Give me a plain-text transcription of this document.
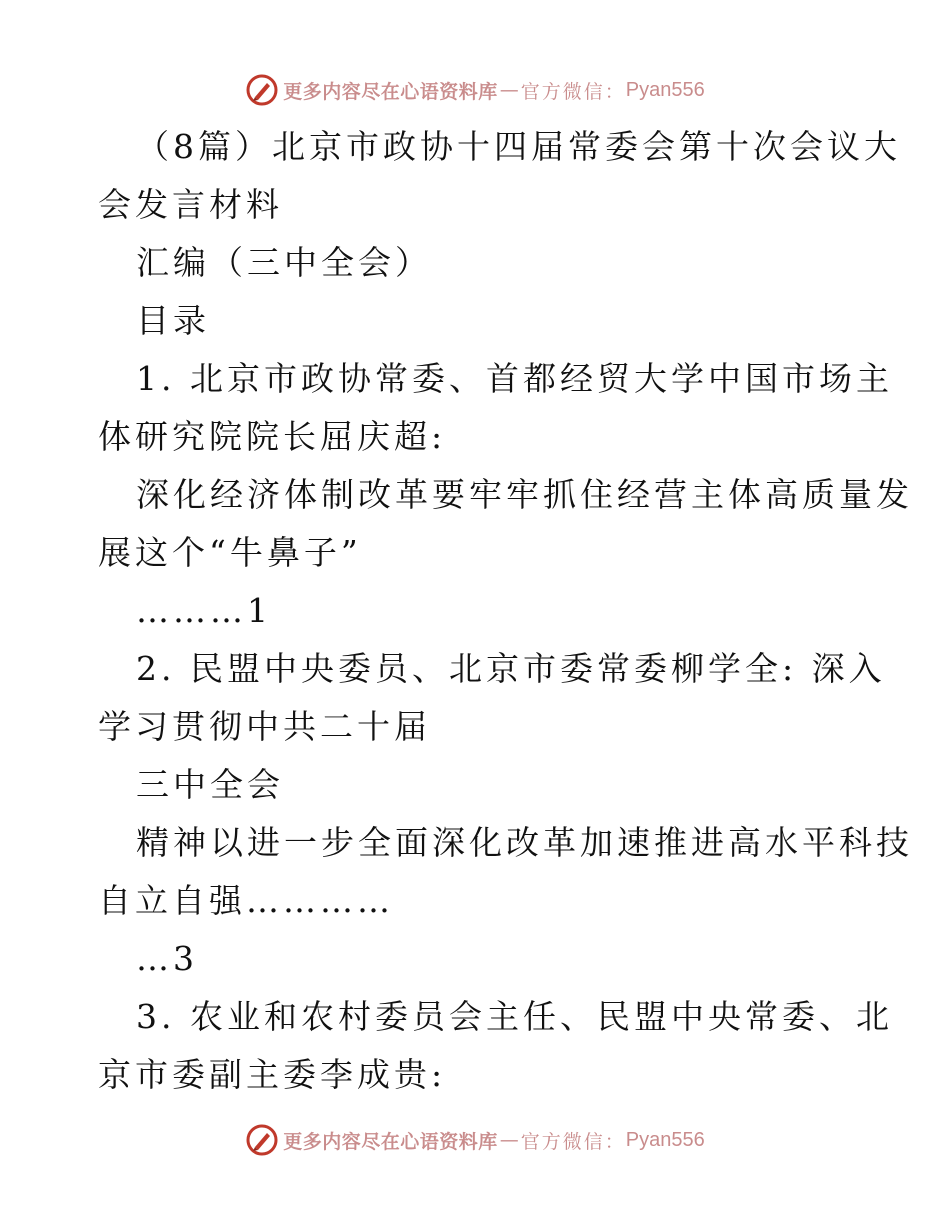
更多内容尽在心语资料库 — 官方微信： Pyan556
（8篇）北京市政协十四届常委会第十次会议大
会发言材料
汇编（三中全会）
目录
1. 北京市政协常委、首都经贸大学中国市场主
体研究院院长屈庆超:
深化经济体制改革要牢牢抓住经营主体高质量发
展这个“牛鼻子”
………1
2. 民盟中央委员、北京市委常委柳学全: 深入
学习贯彻中共二十届
三中全会
精神以进一步全面深化改革加速推进高水平科技
自立自强…………
…3
3. 农业和农村委员会主任、民盟中央常委、北
京市委副主委李成贵:
更多内容尽在心语资料库 — 官方微信： Pyan556
